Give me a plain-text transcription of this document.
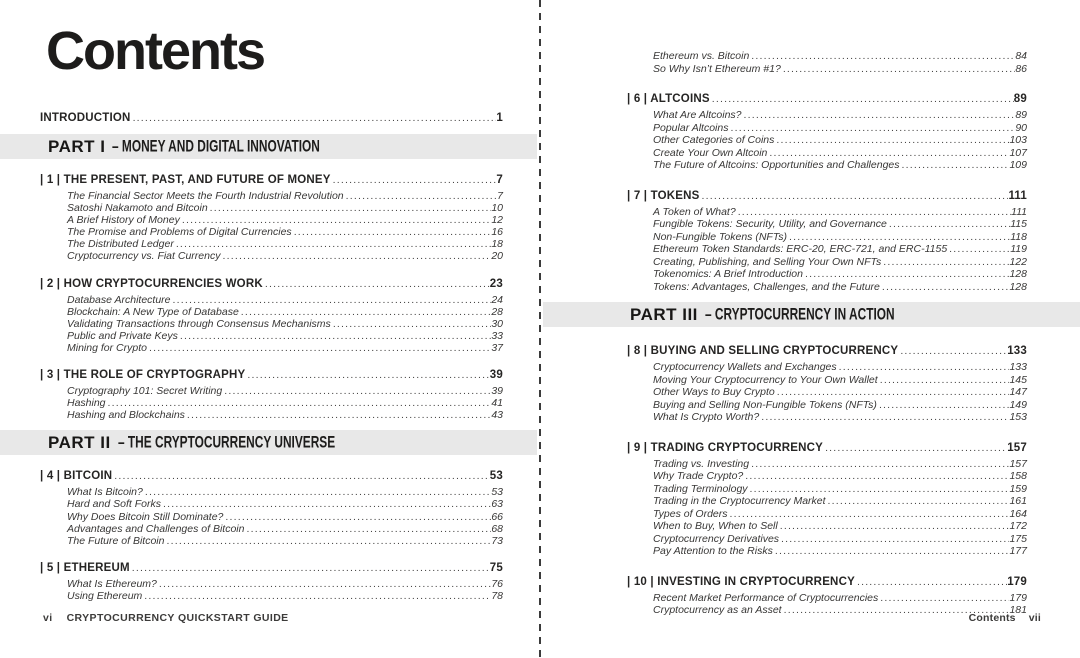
Contents
INTRODUCTION .....	1
PART I – MONEY AND DIGITAL INNOVATION
| 1 | THE PRESENT, PAST, AND FUTURE OF MONEY .....	7
The Financial Sector Meets the Fourth Industrial Revolution .....	7
Satoshi Nakamoto and Bitcoin .....	10
A Brief History of Money .....	12
The Promise and Problems of Digital Currencies .....	16
The Distributed Ledger .....	18
Cryptocurrency vs. Fiat Currency .....	20
| 2 | HOW CRYPTOCURRENCIES WORK .....	23
Database Architecture .....	24
Blockchain: A New Type of Database .....	28
Validating Transactions through Consensus Mechanisms .....	30
Public and Private Keys .....	33
Mining for Crypto .....	37
| 3 | THE ROLE OF CRYPTOGRAPHY .....	39
Cryptography 101: Secret Writing .....	39
Hashing .....	41
Hashing and Blockchains .....	43
PART II – THE CRYPTOCURRENCY UNIVERSE
| 4 | BITCOIN .....	53
What Is Bitcoin? .....	53
Hard and Soft Forks .....	63
Why Does Bitcoin Still Dominate? .....	66
Advantages and Challenges of Bitcoin .....	68
The Future of Bitcoin .....	73
| 5 | ETHEREUM .....	75
What Is Ethereum? .....	76
Using Ethereum .....	78
vi CRYPTOCURRENCY QUICKSTART GUIDE
Ethereum vs. Bitcoin .....	84
So Why Isn’t Ethereum #1? .....	86
| 6 | ALTCOINS .....	89
What Are Altcoins? .....	89
Popular Altcoins .....	90
Other Categories of Coins .....	103
Create Your Own Altcoin .....	107
The Future of Altcoins: Opportunities and Challenges .....	109
| 7 | TOKENS .....	111
A Token of What? .....	111
Fungible Tokens: Security, Utility, and Governance .....	115
Non-Fungible Tokens (NFTs) .....	118
Ethereum Token Standards: ERC-20, ERC-721, and ERC-1155 .....	119
Creating, Publishing, and Selling Your Own NFTs .....	122
Tokenomics: A Brief Introduction .....	128
Tokens: Advantages, Challenges, and the Future .....	128
PART III – CRYPTOCURRENCY IN ACTION
| 8 | BUYING AND SELLING CRYPTOCURRENCY .....	133
Cryptocurrency Wallets and Exchanges .....	133
Moving Your Cryptocurrency to Your Own Wallet .....	145
Other Ways to Buy Crypto .....	147
Buying and Selling Non-Fungible Tokens (NFTs) .....	149
What Is Crypto Worth? .....	153
| 9 | TRADING CRYPTOCURRENCY .....	157
Trading vs. Investing .....	157
Why Trade Crypto? .....	158
Trading Terminology .....	159
Trading in the Cryptocurrency Market .....	161
Types of Orders .....	164
When to Buy, When to Sell .....	172
Cryptocurrency Derivatives .....	175
Pay Attention to the Risks .....	177
| 10 | INVESTING IN CRYPTOCURRENCY .....	179
Recent Market Performance of Cryptocurrencies .....	179
Cryptocurrency as an Asset .....	181
Contents vii
